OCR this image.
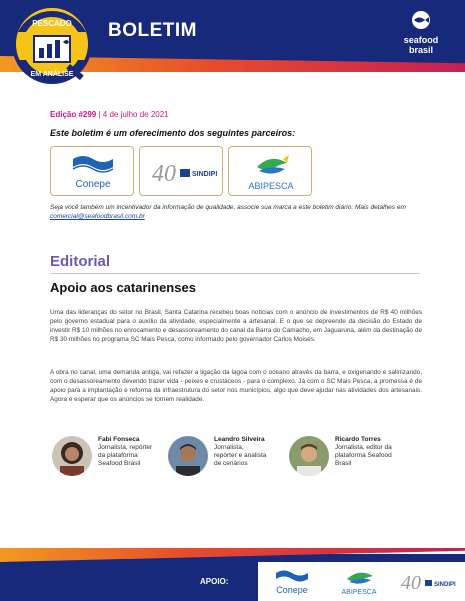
BOLETIM	seafood
brasil
PESCADO
EM ANÁLISE
Edição #299 | 4 de julho de 2021
Este boletim é um oferecimento dos seguintes parceiros:
Conepe 40 SINDIPI
ABIPESCA
Seja você também um incentivador da informação de qualidade, associe sua marca a este boletim diário. Mais detalhes em comercial@seafoodbrasil.com.br
Editorial
Apoio aos catarinenses
Uma das lideranças do setor no Brasil, Santa Catarina recebeu boas notícias com o anúncio de investimentos de R$ 40 milhões pelo governo estadual para o auxílio da atividade, especialmente a artesanal. E o que se depreende da decisão do Estado de investir R$ 10 milhões no enrocamento e desassoreamento do canal da Barra do Camacho, em Jaguaruna, além da destinação de R$ 30 milhões no programa SC Mais Pesca, como informado pelo governador Carlos Moisés.
A obra no canal, uma demanda antiga, vai refazer a ligação da lagoa com o oceano através da barra, e oxigenando e salinizando, com o desassoreamento devendo trazer vida - peixes e crustáceos - para o complexo. Já com o SC Mais Pesca, a promessa é de apoio para a implantação e reforma da infraestrutura do setor nos municípios, algo que deve ajudar nas atividades dos artesanais. Agora é esperar que os anúncios se tornem realidade.
Fabi Fonseca
Jornalista, repórter da plataforma Seafood Brasil
Leandro Silveira
Jornalista, repórter e analista de cenários
Ricardo Torres
Jornalista, editor da plataforma Seafood Brasil
APOIO:
Conepe	ABIPESCA 40 SINDIPI
